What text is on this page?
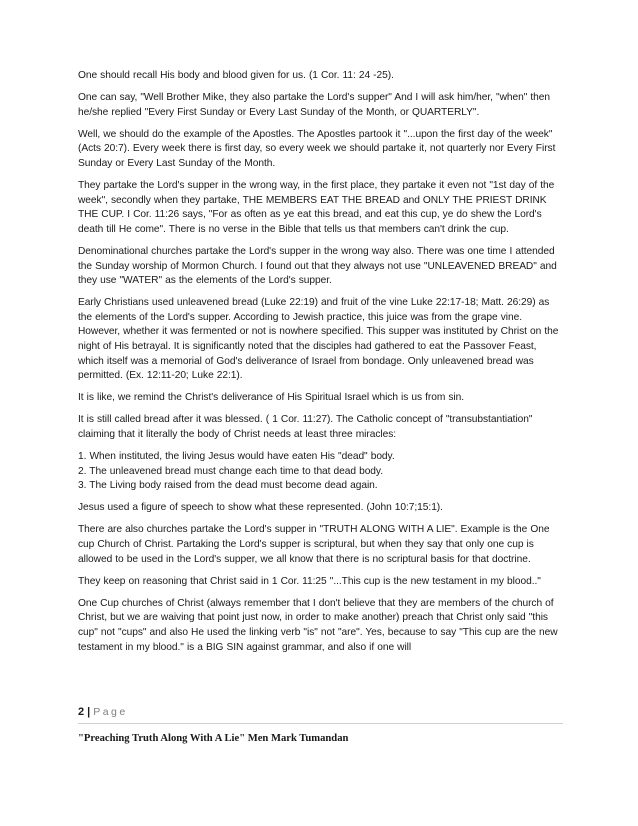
One should recall His body and blood given for us. (1 Cor. 11: 24 -25).

One can say, "Well Brother Mike, they also partake the Lord's supper" And I will ask him/her, "when" then he/she replied "Every First Sunday or Every Last Sunday of the Month, or QUARTERLY".

Well, we should do the example of the Apostles. The Apostles partook it "...upon the first day of the week" (Acts 20:7). Every week there is first day, so every week we should partake it, not quarterly nor Every First Sunday or Every Last Sunday of the Month.

They partake the Lord's supper in the wrong way, in the first place, they partake it even not "1st day of the week", secondly when they partake, THE MEMBERS EAT THE BREAD and ONLY THE PRIEST DRINK THE CUP. I Cor. 11:26 says, "For as often as ye eat this bread, and eat this cup, ye do shew the Lord's death till He come". There is no verse in the Bible that tells us that members can't drink the cup.

Denominational churches partake the Lord's supper in the wrong way also. There was one time I attended the Sunday worship of Mormon Church. I found out that they always not use "UNLEAVENED BREAD" and they use "WATER" as the elements of the Lord's supper.

Early Christians used unleavened bread (Luke 22:19) and fruit of the vine Luke 22:17-18; Matt. 26:29) as the elements of the Lord's supper. According to Jewish practice, this juice was from the grape vine. However, whether it was fermented or not is nowhere specified. This supper was instituted by Christ on the night of His betrayal. It is significantly noted that the disciples had gathered to eat the Passover Feast, which itself was a memorial of God's deliverance of Israel from bondage. Only unleavened bread was permitted. (Ex. 12:11-20; Luke 22:1).

It is like, we remind the Christ's deliverance of His Spiritual Israel which is us from sin.

It is still called bread after it was blessed. ( 1 Cor. 11:27). The Catholic concept of "transubstantiation" claiming that it literally the body of Christ needs at least three miracles:

1. When instituted, the living Jesus would have eaten His "dead" body.
2. The unleavened bread must change each time to that dead body.
3. The Living body raised from the dead must become dead again.

Jesus used a figure of speech to show what these represented. (John 10:7;15:1).

There are also churches partake the Lord's supper in "TRUTH ALONG WITH A LIE". Example is the One cup Church of Christ. Partaking the Lord's supper is scriptural, but when they say that only one cup is allowed to be used in the Lord's supper, we all know that there is no scriptural basis for that doctrine.

They keep on reasoning that Christ said in 1 Cor. 11:25 "...This cup is the new testament in my blood.."

One Cup churches of Christ (always remember that I don't believe that they are members of the church of Christ, but we are waiving that point just now, in order to make another) preach that Christ only said "this cup" not "cups" and also He used the linking verb "is" not "are". Yes, because to say "This cup are the new testament in my blood." is a BIG SIN against grammar, and also if one will

2 | Page
"Preaching Truth Along With A Lie" Men Mark Tumandan
